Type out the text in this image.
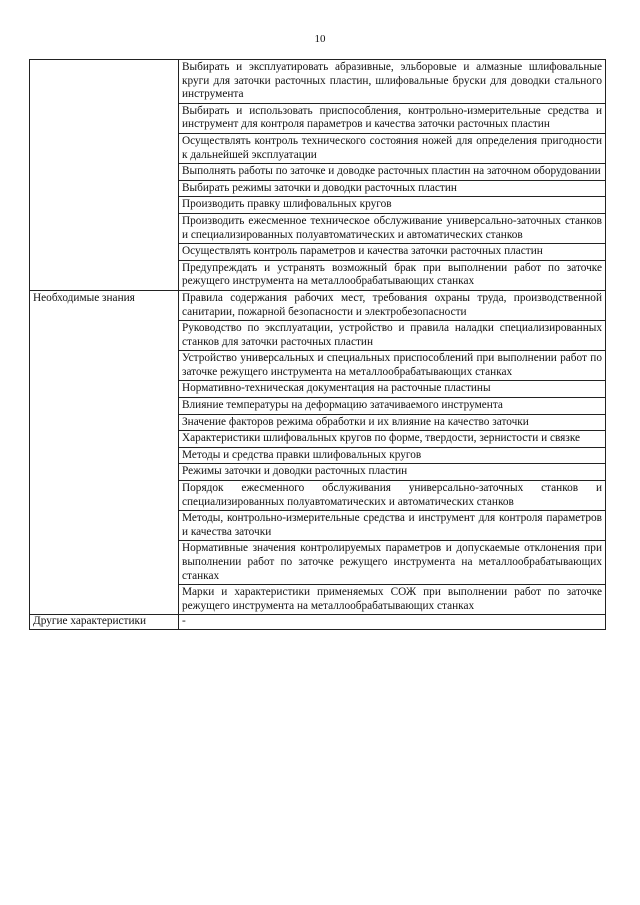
10

	Выбирать и эксплуатировать абразивные, эльборовые и алмазные шлифовальные круги для заточки расточных пластин, шлифовальные бруски для доводки стального инструмента

	Выбирать и использовать приспособления, контрольно-измерительные средства и инструмент для контроля параметров и качества заточки расточных пластин

	Осуществлять контроль технического состояния ножей для определения пригодности к дальнейшей эксплуатации

	Выполнять работы по заточке и доводке расточных пластин на заточном оборудовании

	Выбирать режимы заточки и доводки расточных пластин

	Производить правку шлифовальных кругов

	Производить ежесменное техническое обслуживание универсально-заточных станков и специализированных полуавтоматических и автоматических станков

	Осуществлять контроль параметров и качества заточки расточных пластин

	Предупреждать и устранять возможный брак при выполнении работ по заточке режущего инструмента на металлообрабатывающих станках

Необходимые знания	Правила содержания рабочих мест, требования охраны труда, производственной санитарии, пожарной безопасности и электробезопасности

	Руководство по эксплуатации, устройство и правила наладки специализированных станков для заточки расточных пластин

	Устройство универсальных и специальных приспособлений при выполнении работ по заточке режущего инструмента на металлообрабатывающих станках

	Нормативно-техническая документация на расточные пластины

	Влияние температуры на деформацию затачиваемого инструмента

	Значение факторов режима обработки и их влияние на качество заточки

	Характеристики шлифовальных кругов по форме, твердости, зернистости и связке

	Методы и средства правки шлифовальных кругов

	Режимы заточки и доводки расточных пластин

	Порядок ежесменного обслуживания универсально-заточных станков и специализированных полуавтоматических и автоматических станков

	Методы, контрольно-измерительные средства и инструмент для контроля параметров и качества заточки

	Нормативные значения контролируемых параметров и допускаемые отклонения при выполнении работ по заточке режущего инструмента на металлообрабатывающих станках

	Марки и характеристики применяемых СОЖ при выполнении работ по заточке режущего инструмента на металлообрабатывающих станках

Другие характеристики	-
